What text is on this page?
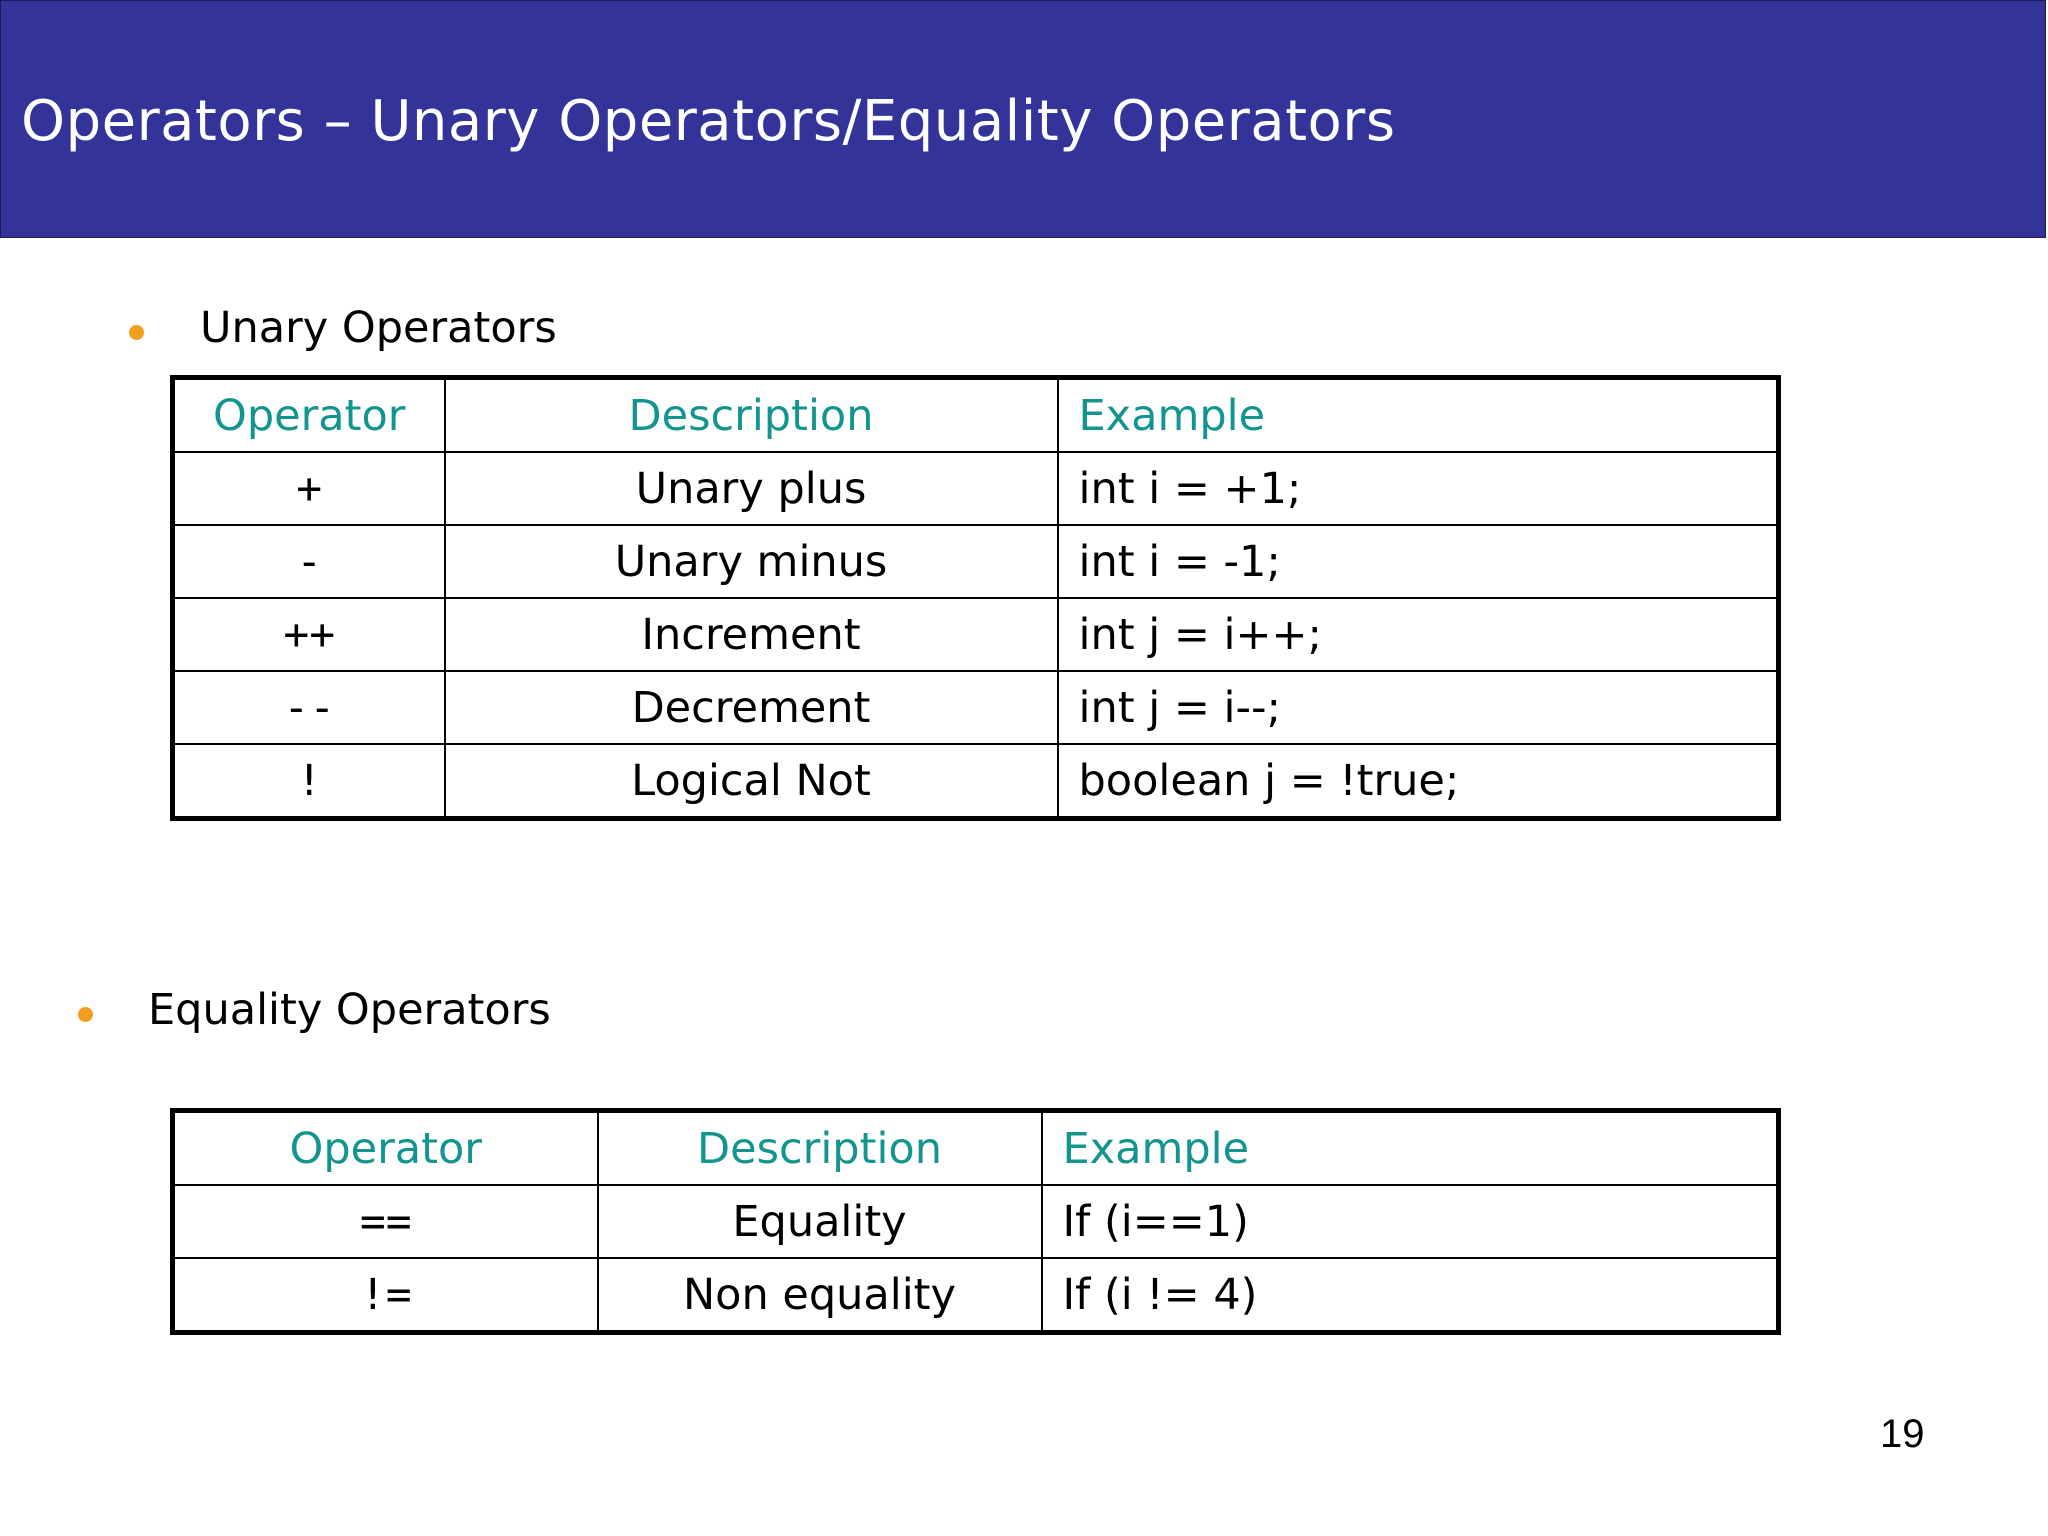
Operators – Unary Operators/Equality Operators
Unary Operators
Operator	Description	Example
+	Unary plus	int i = +1;
-	Unary minus	int i = -1;
++	Increment	int j = i++;
--	Decrement	int j = i--;
!	Logical Not	boolean j = !true;
Equality Operators
Operator	Description	Example
==	Equality	If (i==1)
!=	Non equality	If (i != 4)
19
